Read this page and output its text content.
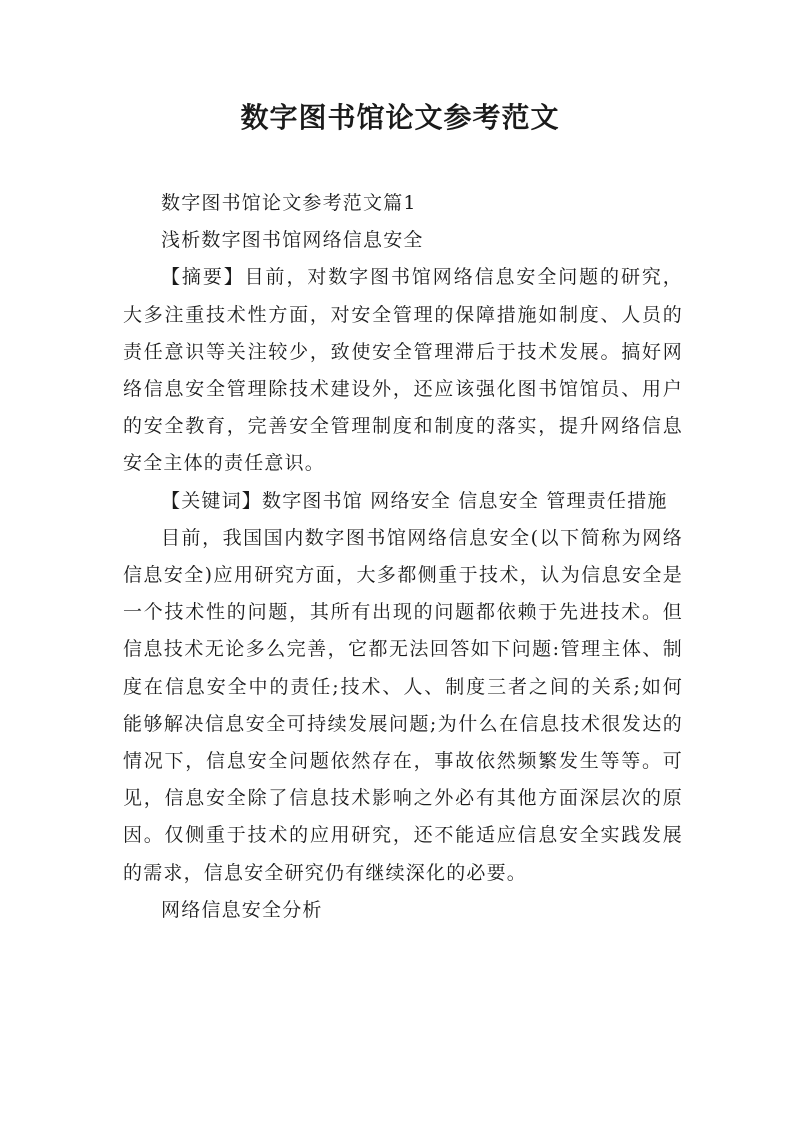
数字图书馆论文参考范文

数字图书馆论文参考范文篇1

浅析数字图书馆网络信息安全

【摘要】目前，对数字图书馆网络信息安全问题的研究，大多注重技术性方面，对安全管理的保障措施如制度、人员的责任意识等关注较少，致使安全管理滞后于技术发展。搞好网络信息安全管理除技术建设外，还应该强化图书馆馆员、用户的安全教育，完善安全管理制度和制度的落实，提升网络信息安全主体的责任意识。

【关键词】数字图书馆 网络安全 信息安全 管理责任措施

目前，我国国内数字图书馆网络信息安全(以下简称为网络信息安全)应用研究方面，大多都侧重于技术，认为信息安全是一个技术性的问题，其所有出现的问题都依赖于先进技术。但信息技术无论多么完善，它都无法回答如下问题:管理主体、制度在信息安全中的责任;技术、人、制度三者之间的关系;如何能够解决信息安全可持续发展问题;为什么在信息技术很发达的情况下，信息安全问题依然存在，事故依然频繁发生等等。可见，信息安全除了信息技术影响之外必有其他方面深层次的原因。仅侧重于技术的应用研究，还不能适应信息安全实践发展的需求，信息安全研究仍有继续深化的必要。

网络信息安全分析
